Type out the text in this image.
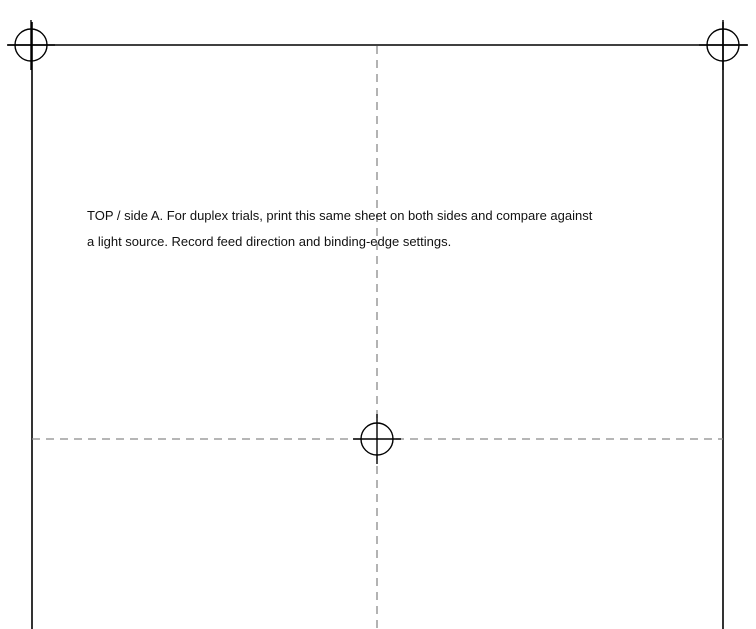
TOP / side A. For duplex trials, print this same sheet on both sides and compare against
a light source. Record feed direction and binding-edge settings.
